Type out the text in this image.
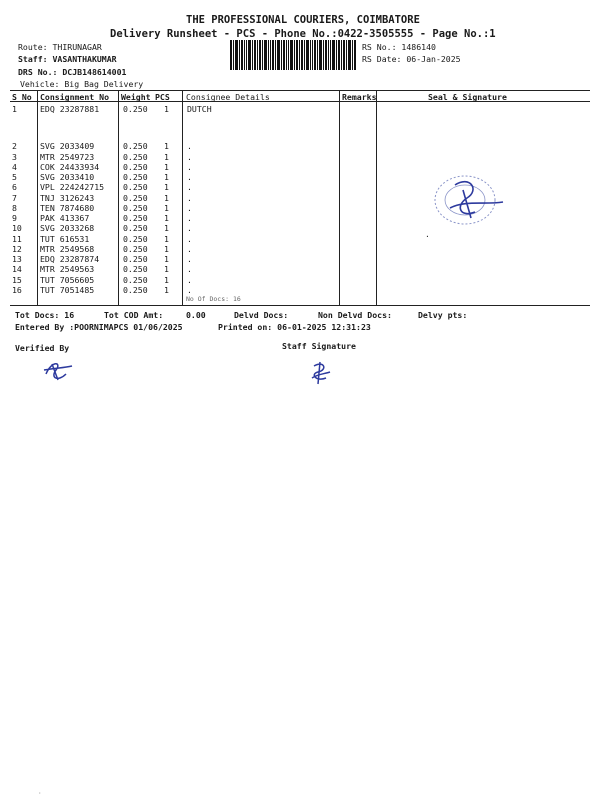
THE PROFESSIONAL COURIERS, COIMBATORE
Delivery Runsheet - PCS - Phone No.:0422-3505555 - Page No.:1
Route: THIRUNAGAR
Staff: VASANTHAKUMAR
DRS No.: DCJB148614001
Vehicle: Big Bag Delivery
RS No.: 1486140
RS Date: 06-Jan-2025
S No Consignment No Weight PCS Consignee Details	Remarks	Seal & Signature
1	EDQ 23287881	0.250 1 DUTCH
2	SVG 2033409	0.250 1 .
3	MTR 2549723	0.250 1 .
4	COK 24433934	0.250 1 .
5	SVG 2033410	0.250 1 .
6	VPL 224242715 0.250 1 .
7	TNJ 3126243	0.250 1 .
8	TEN 7874680	0.250 1 .
9	PAK 413367	0.250 1 .
10 SVG 2033268	0.250 1 .
11 TUT 616531	0.250 1 .
12 MTR 2549568	0.250 1 .
13 EDQ 23287874	0.250 1 .
14 MTR 2549563	0.250 1 .
15 TUT 7056605	0.250 1 .
16 TUT 7051485	0.250 1 .
No Of Docs: 16
·
Tot Docs: 16	Tot COD Amt:	0.00	Delvd Docs:	Non Delvd Docs:	Delvy pts:
Entered By :POORNIMAPCS 01/06/2025	Printed on: 06-01-2025 12:31:23
Verified By	Staff Signature
·
